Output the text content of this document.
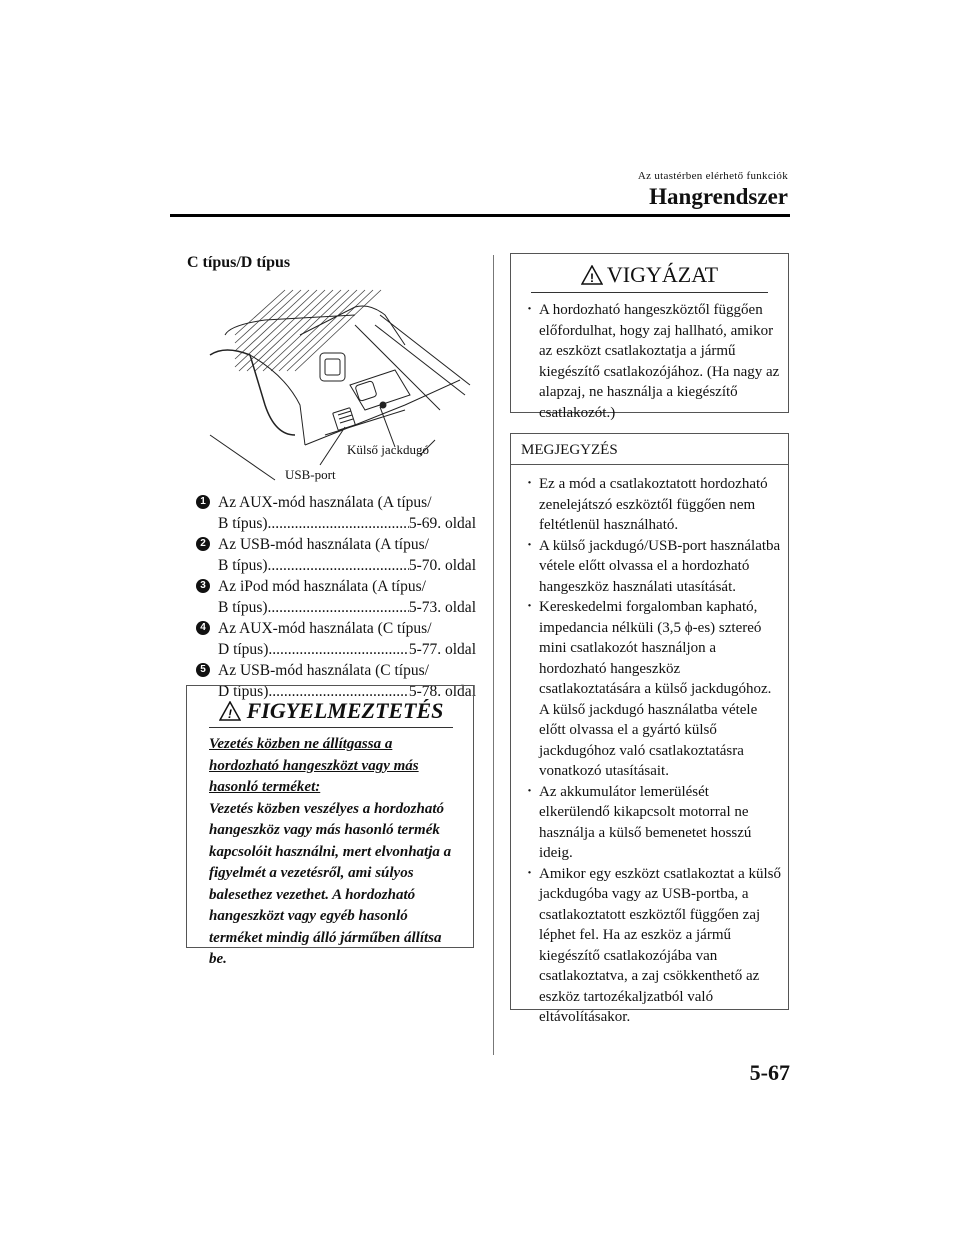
Az utastérben elérhető funkciók
Hangrendszer
C típus/D típus
Külső jackdugó
USB-port
1 Az AUX-mód használata (A típus/
B típus) .....	5-69. oldal
2 Az USB-mód használata (A típus/
B típus) .....	5-70. oldal
3 Az iPod mód használata (A típus/
B típus) .....	5-73. oldal
4 Az AUX-mód használata (C típus/
D típus) .....	5-77. oldal
5 Az USB-mód használata (C típus/
D típus) .....	5-78. oldal
! FIGYELMEZTETÉS
Vezetés közben ne állítgassa a hordozható hangeszközt vagy más hasonló terméket:
Vezetés közben veszélyes a hordozható hangeszköz vagy más hasonló termék kapcsolóit használni, mert elvonhatja a figyelmét a vezetésről, ami súlyos balesethez vezethet. A hordozható hangeszközt vagy egyéb hasonló terméket mindig álló járműben állítsa be.
! VIGYÁZAT
· A hordozható hangeszköztől függően előfordulhat, hogy zaj hallható, amikor az eszközt csatlakoztatja a jármű kiegészítő csatlakozójához. (Ha nagy az alapzaj, ne használja a kiegészítő csatlakozót.)
MEGJEGYZÉS
· Ez a mód a csatlakoztatott hordozható zenelejátszó eszköztől függően nem feltétlenül használható.
· A külső jackdugó/USB-port használatba vétele előtt olvassa el a hordozható hangeszköz használati utasítását.
· Kereskedelmi forgalomban kapható, impedancia nélküli (3,5 ϕ-es) sztereó mini csatlakozót használjon a hordozható hangeszköz csatlakoztatására a külső jackdugóhoz. A külső jackdugó használatba vétele előtt olvassa el a gyártó külső jackdugóhoz való csatlakoztatásra vonatkozó utasításait.
· Az akkumulátor lemerülését elkerülendő kikapcsolt motorral ne használja a külső bemenetet hosszú ideig.
· Amikor egy eszközt csatlakoztat a külső jackdugóba vagy az USB-portba, a csatlakoztatott eszköztől függően zaj léphet fel. Ha az eszköz a jármű kiegészítő csatlakozójába van csatlakoztatva, a zaj csökkenthető az eszköz tartozékaljzatból való eltávolításakor.
5-67
